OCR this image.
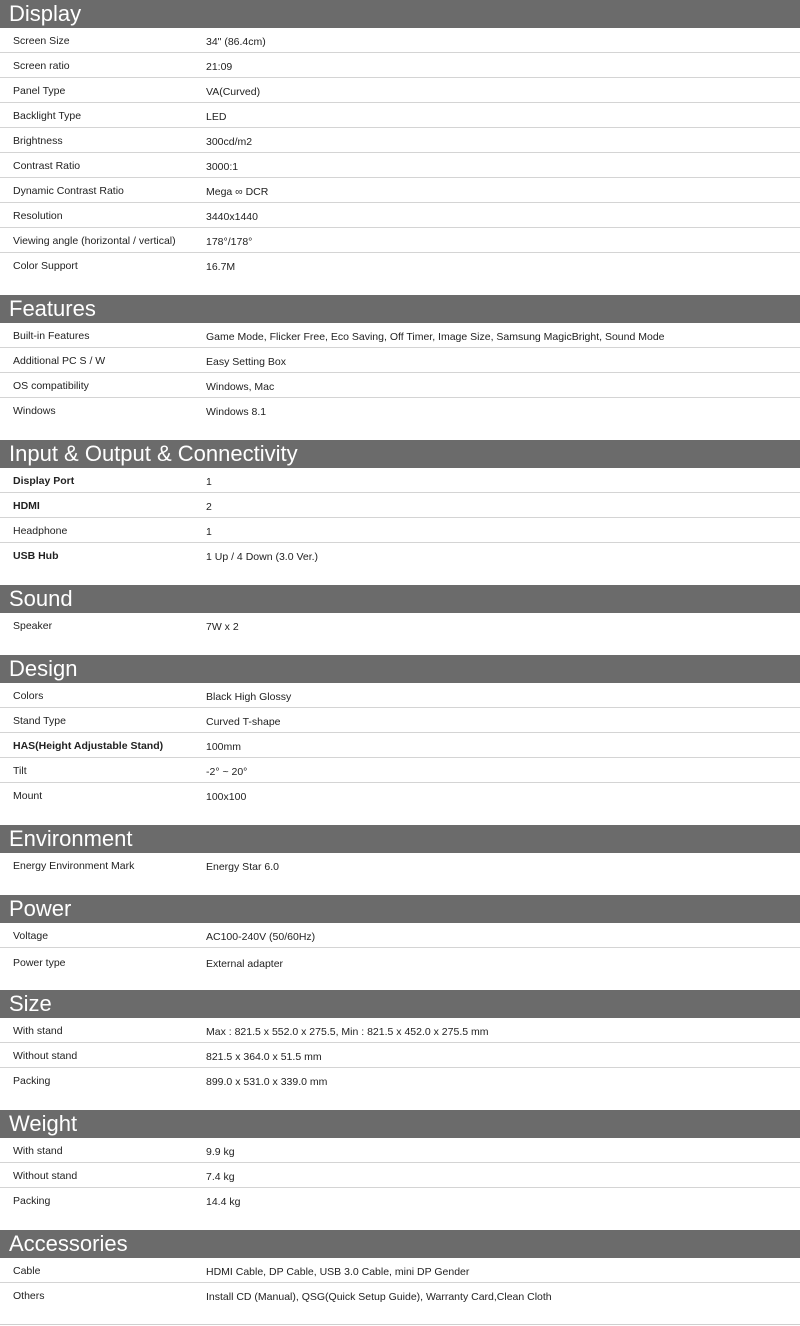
Display
Screen Size	34" (86.4cm)
Screen ratio	21:09
Panel Type	VA(Curved)
Backlight Type	LED
Brightness	300cd/m2
Contrast Ratio	3000:1
Dynamic Contrast Ratio	Mega ∞ DCR
Resolution	3440x1440
Viewing angle (horizontal / vertical)	178°/178°
Color Support	16.7M
Features
Built-in Features	Game Mode, Flicker Free, Eco Saving, Off Timer, Image Size, Samsung MagicBright, Sound Mode
Additional PC S / W	Easy Setting Box
OS compatibility	Windows, Mac
Windows	Windows 8.1
Input & Output & Connectivity
Display Port	1
HDMI	2
Headphone	1
USB Hub	1 Up / 4 Down (3.0 Ver.)
Sound
Speaker	7W x 2
Design
Colors	Black High Glossy
Stand Type	Curved T-shape
HAS(Height Adjustable Stand)	100mm
Tilt	-2° ~ 20°
Mount	100x100
Environment
Energy Environment Mark	Energy Star 6.0
Power
Voltage	AC100-240V (50/60Hz)
Power type	External adapter
Size
With stand	Max : 821.5 x 552.0 x 275.5, Min : 821.5 x 452.0 x 275.5 mm
Without stand	821.5 x 364.0 x 51.5 mm
Packing	899.0 x 531.0 x 339.0 mm
Weight
With stand	9.9 kg
Without stand	7.4 kg
Packing	14.4 kg
Accessories
Cable	HDMI Cable, DP Cable, USB 3.0 Cable, mini DP Gender
Others	Install CD (Manual), QSG(Quick Setup Guide), Warranty Card,Clean Cloth
